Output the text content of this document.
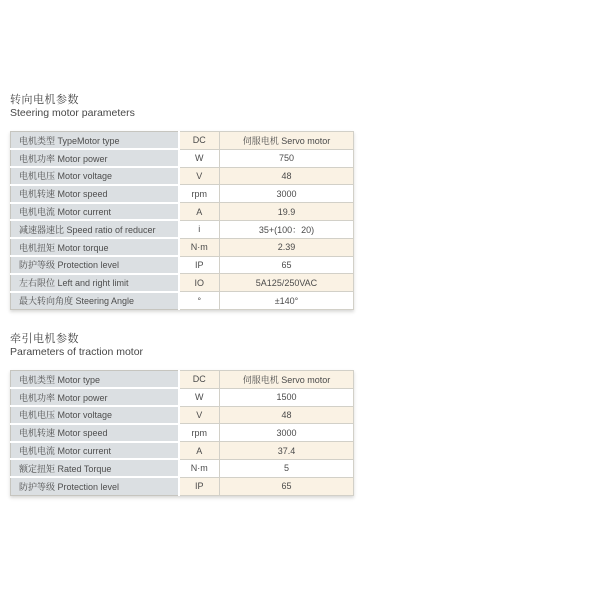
转向电机参数
Steering motor parameters
电机类型 TypeMotor type	DC	伺服电机 Servo motor
电机功率 Motor power	W	750
电机电压 Motor voltage	V	48
电机转速 Motor speed	rpm	3000
电机电流 Motor current	A	19.9
减速器速比 Speed ratio of reducer	i	35+(100：20)
电机扭矩 Motor torque	N·m	2.39
防护等级 Protection level	IP	65
左右限位 Left and right limit	IO	5A125/250VAC
最大转向角度 Steering Angle	°	±140°
牵引电机参数
Parameters of traction motor
电机类型 Motor type	DC	伺服电机 Servo motor
电机功率 Motor power	W	1500
电机电压 Motor voltage	V	48
电机转速 Motor speed	rpm	3000
电机电流 Motor current	A	37.4
额定扭矩 Rated Torque	N·m	5
防护等级 Protection level	IP	65
